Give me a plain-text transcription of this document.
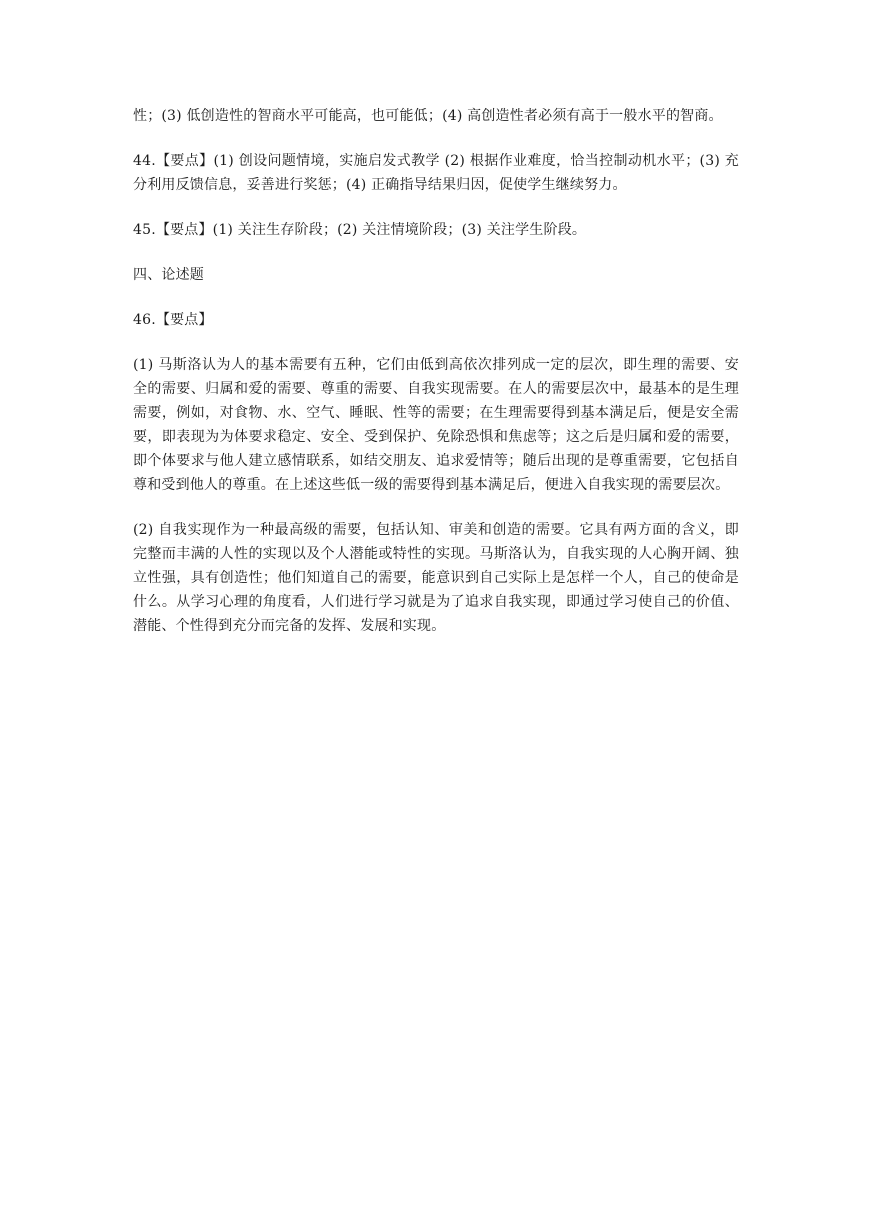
性；(3) 低创造性的智商水平可能高，也可能低；(4) 高创造性者必须有高于一般水平的智商。

44.【要点】(1) 创设问题情境，实施启发式教学 (2) 根据作业难度，恰当控制动机水平；(3) 充分利用反馈信息，妥善进行奖惩；(4) 正确指导结果归因，促使学生继续努力。

45.【要点】(1) 关注生存阶段；(2) 关注情境阶段；(3) 关注学生阶段。

四、论述题

46.【要点】

(1) 马斯洛认为人的基本需要有五种，它们由低到高依次排列成一定的层次，即生理的需要、安全的需要、归属和爱的需要、尊重的需要、自我实现需要。在人的需要层次中，最基本的是生理需要，例如，对食物、水、空气、睡眠、性等的需要；在生理需要得到基本满足后，便是安全需要，即表现为为体要求稳定、安全、受到保护、免除恐惧和焦虑等；这之后是归属和爱的需要，即个体要求与他人建立感情联系，如结交朋友、追求爱情等；随后出现的是尊重需要，它包括自尊和受到他人的尊重。在上述这些低一级的需要得到基本满足后，便进入自我实现的需要层次。

(2) 自我实现作为一种最高级的需要，包括认知、审美和创造的需要。它具有两方面的含义，即完整而丰满的人性的实现以及个人潜能或特性的实现。马斯洛认为，自我实现的人心胸开阔、独立性强，具有创造性；他们知道自己的需要，能意识到自己实际上是怎样一个人，自己的使命是什么。从学习心理的角度看，人们进行学习就是为了追求自我实现，即通过学习使自己的价值、潜能、个性得到充分而完备的发挥、发展和实现。
